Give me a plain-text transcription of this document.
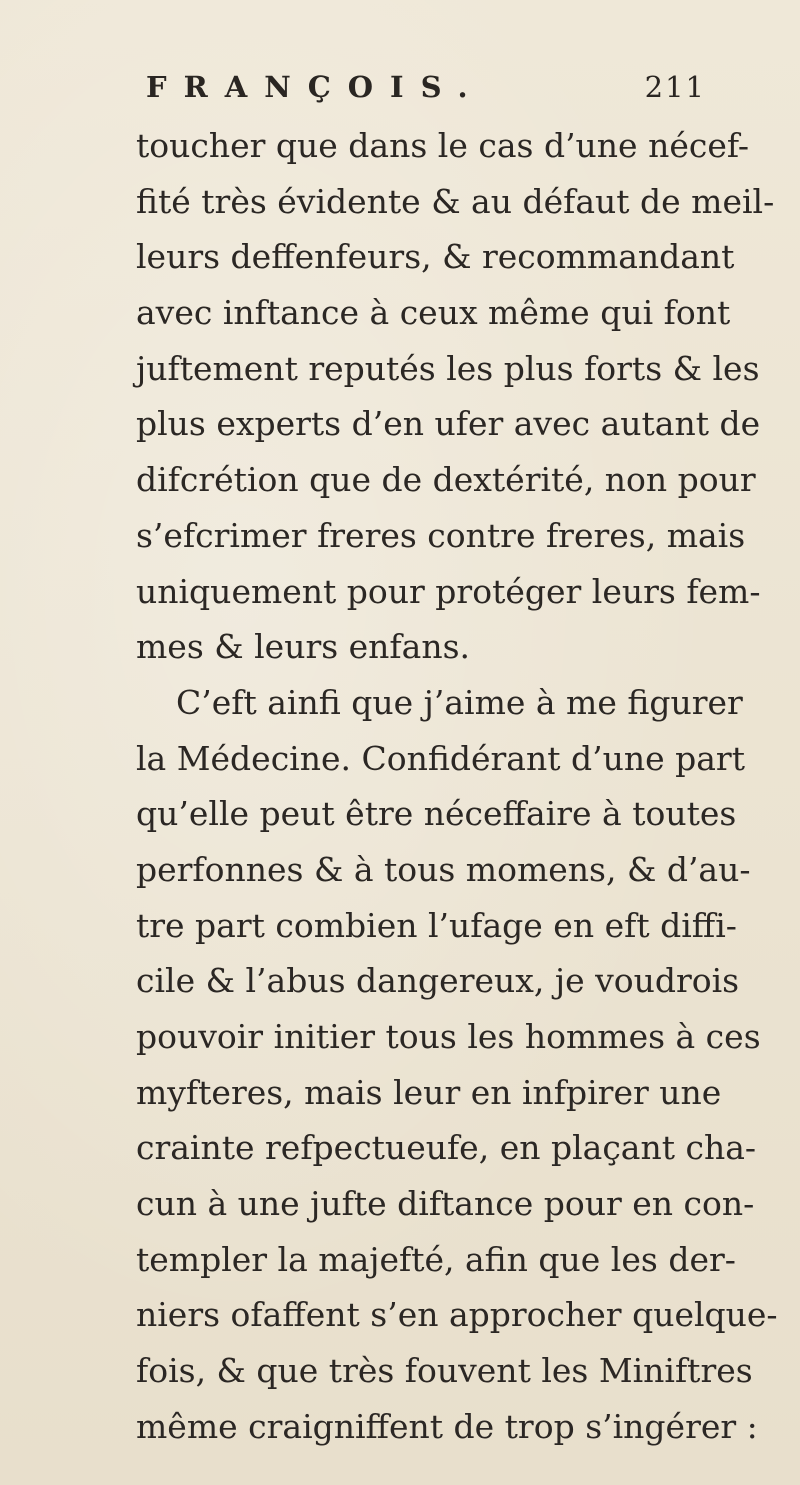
FRANÇOIS.	211
toucher que dans le cas d’une nécef-
fité très évidente & au défaut de meil-
leurs deffenfeurs, & recommandant
avec inftance à ceux même qui font
juftement reputés les plus forts & les
plus experts d’en ufer avec autant de
difcrétion que de dextérité, non pour
s’efcrimer freres contre freres, mais
uniquement pour protéger leurs fem-
mes & leurs enfans.
C’eft ainfi que j’aime à me figurer
la Médecine. Confidérant d’une part
qu’elle peut être néceffaire à toutes
perfonnes & à tous momens, & d’au-
tre part combien l’ufage en eft diffi-
cile & l’abus dangereux, je voudrois
pouvoir initier tous les hommes à ces
myfteres, mais leur en infpirer une
crainte refpectueufe, en plaçant cha-
cun à une jufte diftance pour en con-
templer la majefté, afin que les der-
niers ofaffent s’en approcher quelque-
fois, & que très fouvent les Miniftres
même craigniffent de trop s’ingérer :
